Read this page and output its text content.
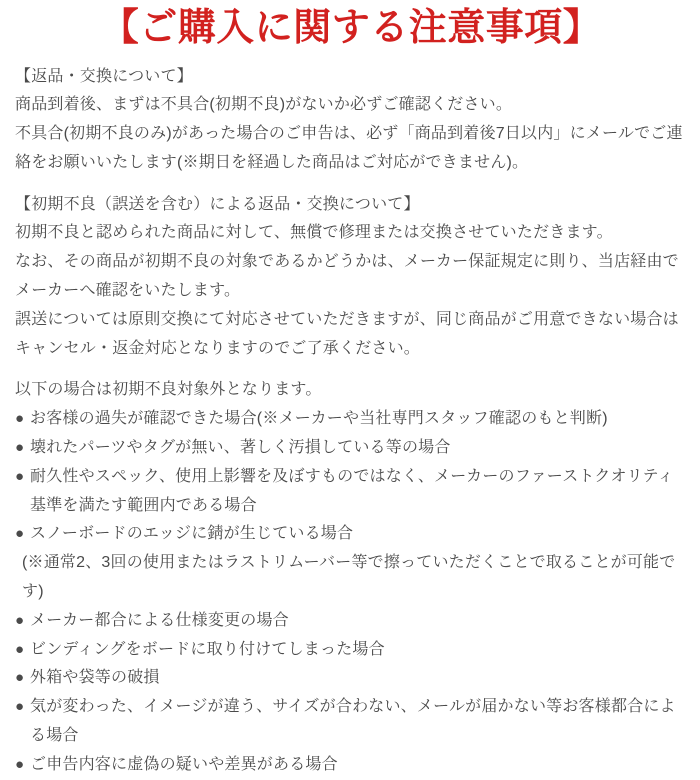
【ご購入に関する注意事項】
【返品・交換について】
商品到着後、まずは不具合(初期不良)がないか必ずご確認ください。
不具合(初期不良のみ)があった場合のご申告は、必ず「商品到着後7日以内」にメールでご連絡をお願いいたします(※期日を経過した商品はご対応ができません)。
【初期不良（誤送を含む）による返品・交換について】
初期不良と認められた商品に対して、無償で修理または交換させていただきます。
なお、その商品が初期不良の対象であるかどうかは、メーカー保証規定に則り、当店経由でメーカーへ確認をいたします。
誤送については原則交換にて対応させていただきますが、同じ商品がご用意できない場合はキャンセル・返金対応となりますのでご了承ください。
以下の場合は初期不良対象外となります。
● お客様の過失が確認できた場合(※メーカーや当社専門スタッフ確認のもと判断)
● 壊れたパーツやタグが無い、著しく汚損している等の場合
● 耐久性やスペック、使用上影響を及ぼすものではなく、メーカーのファーストクオリティ基準を満たす範囲内である場合
● スノーボードのエッジに錆が生じている場合
(※通常2、3回の使用またはラストリムーバー等で擦っていただくことで取ることが可能です)
● メーカー都合による仕様変更の場合
● ビンディングをボードに取り付けてしまった場合
● 外箱や袋等の破損
● 気が変わった、イメージが違う、サイズが合わない、メールが届かない等お客様都合による場合
● ご申告内容に虚偽の疑いや差異がある場合
